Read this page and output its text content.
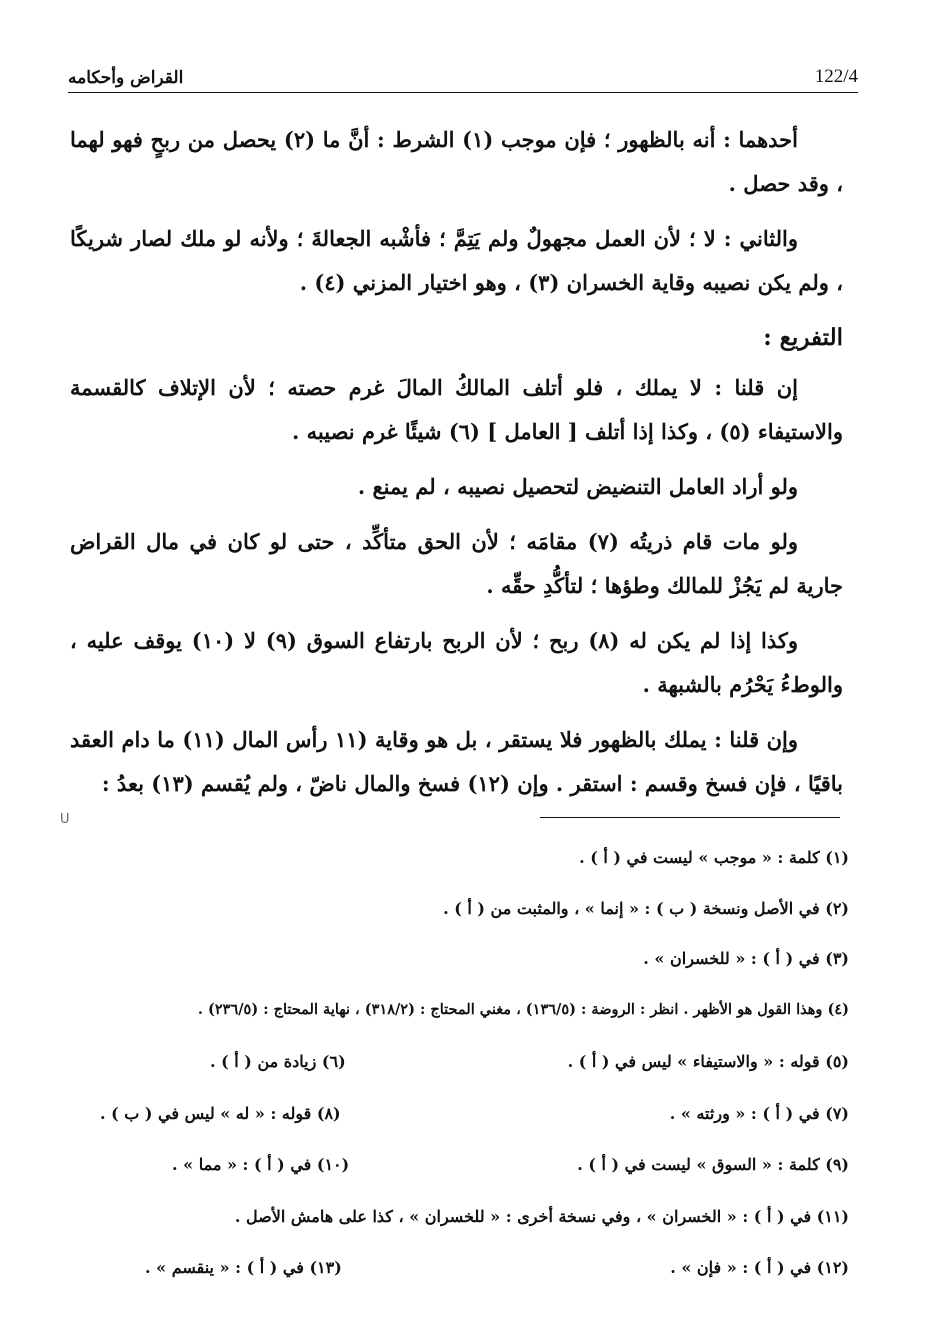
القراض وأحكامه	122/4

أحدهما : أنه بالظهور ؛ فإن موجب (١) الشرط : أنَّ ما (٢) يحصل من ربحٍ فهو لهما ، وقد حصل .

والثاني : لا ؛ لأن العمل مجهولٌ ولم يَتِمَّ ؛ فأشْبه الجعالةَ ؛ ولأنه لو ملك لصار شريكًا ، ولم يكن نصيبه وقاية الخسران (٣) ، وهو اختيار المزني (٤) .

التفريع :

إن قلنا : لا يملك ، فلو أتلف المالكُ المالَ غرم حصته ؛ لأن الإتلاف كالقسمة والاستيفاء (٥) ، وكذا إذا أتلف [ العامل ] (٦) شيئًا غرم نصيبه .

ولو أراد العامل التنضيض لتحصيل نصيبه ، لم يمنع .

ولو مات قام ذريتُه (٧) مقامَه ؛ لأن الحق متأكِّد ، حتى لو كان في مال القراض جارية لم يَجُزْ للمالك وطؤها ؛ لتأكُّدِ حقِّه .

وكذا إذا لم يكن له (٨) ربح ؛ لأن الربح بارتفاع السوق (٩) لا (١٠) يوقف عليه ، والوطءُ يَحْرُم بالشبهة .

وإن قلنا : يملك بالظهور فلا يستقر ، بل هو وقاية (١١ رأس المال (١١) ما دام العقد باقيًا ، فإن فسخ وقسم : استقر . وإن (١٢) فسخ والمال ناضّ ، ولم يُقسم (١٣) بعدُ :

U
(١) كلمة : « موجب » ليست في ( أ ) .
(٢) في الأصل ونسخة ( ب ) : « إنما » ، والمثبت من ( أ ) .
(٣) في ( أ ) : « للخسران » .
(٤) وهذا القول هو الأظهر . انظر : الروضة : (١٣٦/٥) ، مغني المحتاج : (٣١٨/٢) ، نهاية المحتاج : (٢٣٦/٥) .
(٥) قوله : « والاستيفاء » ليس في ( أ ) .
(٦) زيادة من ( أ ) .
(٧) في ( أ ) : « ورثته » .
(٨) قوله : « له » ليس في ( ب ) .
(٩) كلمة : « السوق » ليست في ( أ ) .
(١٠) في ( أ ) : « مما » .
(١١) في ( أ ) : « الخسران » ، وفي نسخة أخرى : « للخسران » ، كذا على هامش الأصل .
(١٢) في ( أ ) : « فإن » .
(١٣) في ( أ ) : « ينقسم » .
